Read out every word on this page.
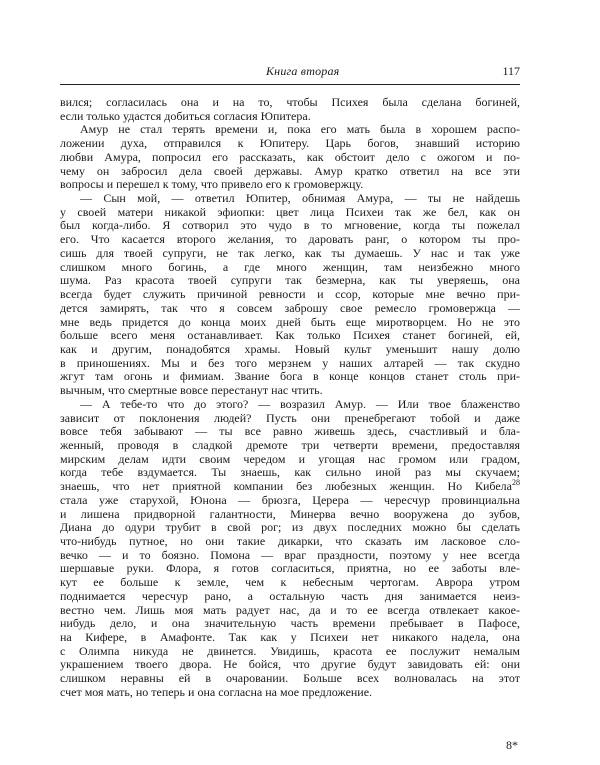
Книга вторая	117
вился; согласилась она и на то, чтобы Психея была сделана богиней,
если только удастся добиться согласия Юпитера.
Амур не стал терять времени и, пока его мать была в хорошем распо-
ложении духа, отправился к Юпитеру. Царь богов, знавший историю
любви Амура, попросил его рассказать, как обстоит дело с ожогом и по-
чему он забросил дела своей державы. Амур кратко ответил на все эти
вопросы и перешел к тому, что привело его к громовержцу.
— Сын мой, — ответил Юпитер, обнимая Амура, — ты не найдешь
у своей матери никакой эфиопки: цвет лица Психеи так же бел, как он
был когда-либо. Я сотворил это чудо в то мгновение, когда ты пожелал
его. Что касается второго желания, то даровать ранг, о котором ты про-
сишь для твоей супруги, не так легко, как ты думаешь. У нас и так уже
слишком много богинь, а где много женщин, там неизбежно много
шума. Раз красота твоей супруги так безмерна, как ты уверяешь, она
всегда будет служить причиной ревности и ссор, которые мне вечно при-
дется замирять, так что я совсем заброшу свое ремесло громовержца —
мне ведь придется до конца моих дней быть еще миротворцем. Но не это
больше всего меня останавливает. Как только Психея станет богиней, ей,
как и другим, понадобятся храмы. Новый культ уменьшит нашу долю
в приношениях. Мы и без того мерзнем у наших алтарей — так скудно
жгут там огонь и фимиам. Звание бога в конце концов станет столь при-
вычным, что смертные вовсе перестанут нас чтить.
— А тебе-то что до этого? — возразил Амур. — Или твое блаженство
зависит от поклонения людей? Пусть они пренебрегают тобой и даже
вовсе тебя забывают — ты все равно живешь здесь, счастливый и бла-
женный, проводя в сладкой дремоте три четверти времени, предоставляя
мирским делам идти своим чередом и угощая нас громом или градом,
когда тебе вздумается. Ты знаешь, как сильно иной раз мы скучаем;
знаешь, что нет приятной компании без любезных женщин. Но Кибела$^{28}$
стала уже старухой, Юнона — брюзга, Церера — чересчур провинциальна
и лишена придворной галантности, Минерва вечно вооружена до зубов,
Диана до одури трубит в свой рог; из двух последних можно бы сделать
что-нибудь путное, но они такие дикарки, что сказать им ласковое сло-
вечко — и то боязно. Помона — враг праздности, поэтому у нее всегда
шершавые руки. Флора, я готов согласиться, приятна, но ее заботы вле-
кут ее больше к земле, чем к небесным чертогам. Аврора утром
поднимается чересчур рано, а остальную часть дня занимается неиз-
вестно чем. Лишь моя мать радует нас, да и то ее всегда отвлекает какое-
нибудь дело, и она значительную часть времени пребывает в Пафосе,
на Кифере, в Амафонте. Так как у Психеи нет никакого надела, она
с Олимпа никуда не двинется. Увидишь, красота ее послужит немалым
украшением твоего двора. Не бойся, что другие будут завидовать ей: они
слишком неравны ей в очаровании. Больше всех волновалась на этот
счет моя мать, но теперь и она согласна на мое предложение.
8*
